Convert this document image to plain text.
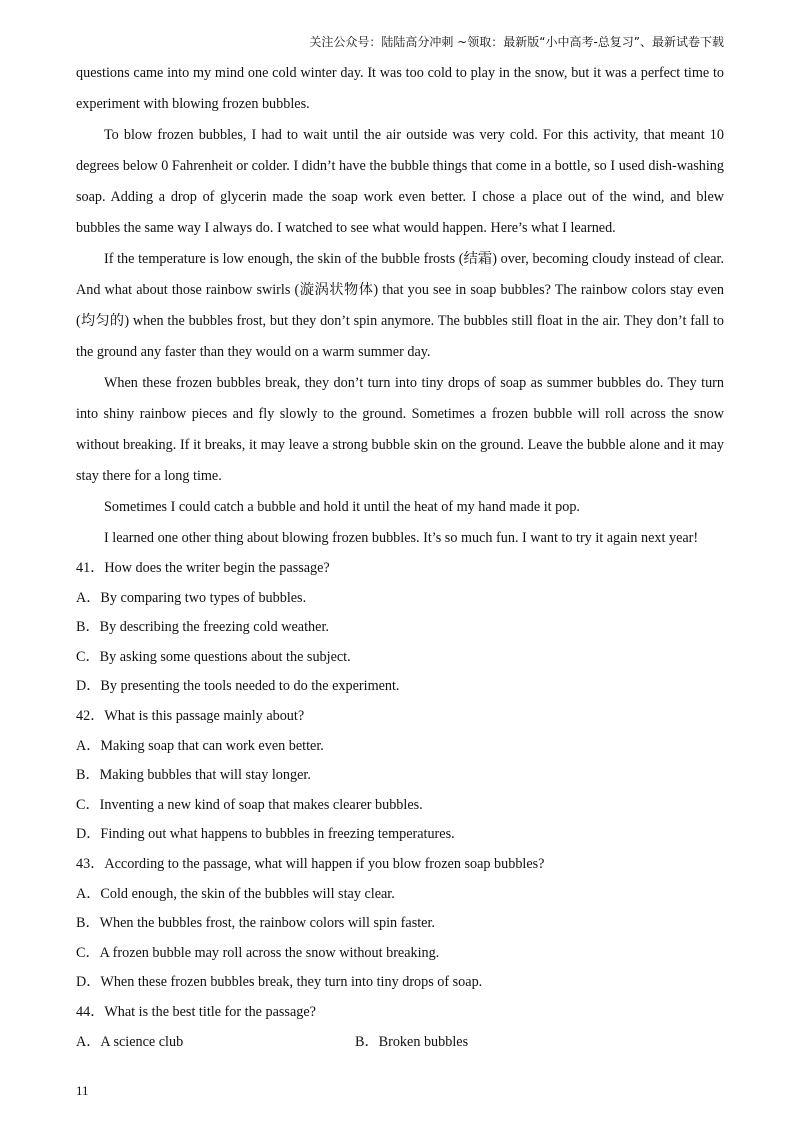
关注公众号：陆陆高分冲刺 ~领取：最新版“小中高考-总复习”、最新试卷下载

questions came into my mind one cold winter day. It was too cold to play in the snow, but it was a perfect time to experiment with blowing frozen bubbles.

To blow frozen bubbles, I had to wait until the air outside was very cold. For this activity, that meant 10 degrees below 0 Fahrenheit or colder. I didn’t have the bubble things that come in a bottle, so I used dish-washing soap. Adding a drop of glycerin made the soap work even better. I chose a place out of the wind, and blew bubbles the same way I always do. I watched to see what would happen. Here’s what I learned.

If the temperature is low enough, the skin of the bubble frosts (结霜) over, becoming cloudy instead of clear. And what about those rainbow swirls (漩涡状物体) that you see in soap bubbles? The rainbow colors stay even (均匀的) when the bubbles frost, but they don’t spin anymore. The bubbles still float in the air. They don’t fall to the ground any faster than they would on a warm summer day.

When these frozen bubbles break, they don’t turn into tiny drops of soap as summer bubbles do. They turn into shiny rainbow pieces and fly slowly to the ground. Sometimes a frozen bubble will roll across the snow without breaking. If it breaks, it may leave a strong bubble skin on the ground. Leave the bubble alone and it may stay there for a long time.

Sometimes I could catch a bubble and hold it until the heat of my hand made it pop.

I learned one other thing about blowing frozen bubbles. It’s so much fun. I want to try it again next year!

41．How does the writer begin the passage?
A．By comparing two types of bubbles.
B．By describing the freezing cold weather.
C．By asking some questions about the subject.
D．By presenting the tools needed to do the experiment.
42．What is this passage mainly about?
A．Making soap that can work even better.
B．Making bubbles that will stay longer.
C．Inventing a new kind of soap that makes clearer bubbles.
D．Finding out what happens to bubbles in freezing temperatures.
43．According to the passage, what will happen if you blow frozen soap bubbles?
A．Cold enough, the skin of the bubbles will stay clear.
B．When the bubbles frost, the rainbow colors will spin faster.
C．A frozen bubble may roll across the snow without breaking.
D．When these frozen bubbles break, they turn into tiny drops of soap.
44．What is the best title for the passage?
A．A science club	B．Broken bubbles
11
